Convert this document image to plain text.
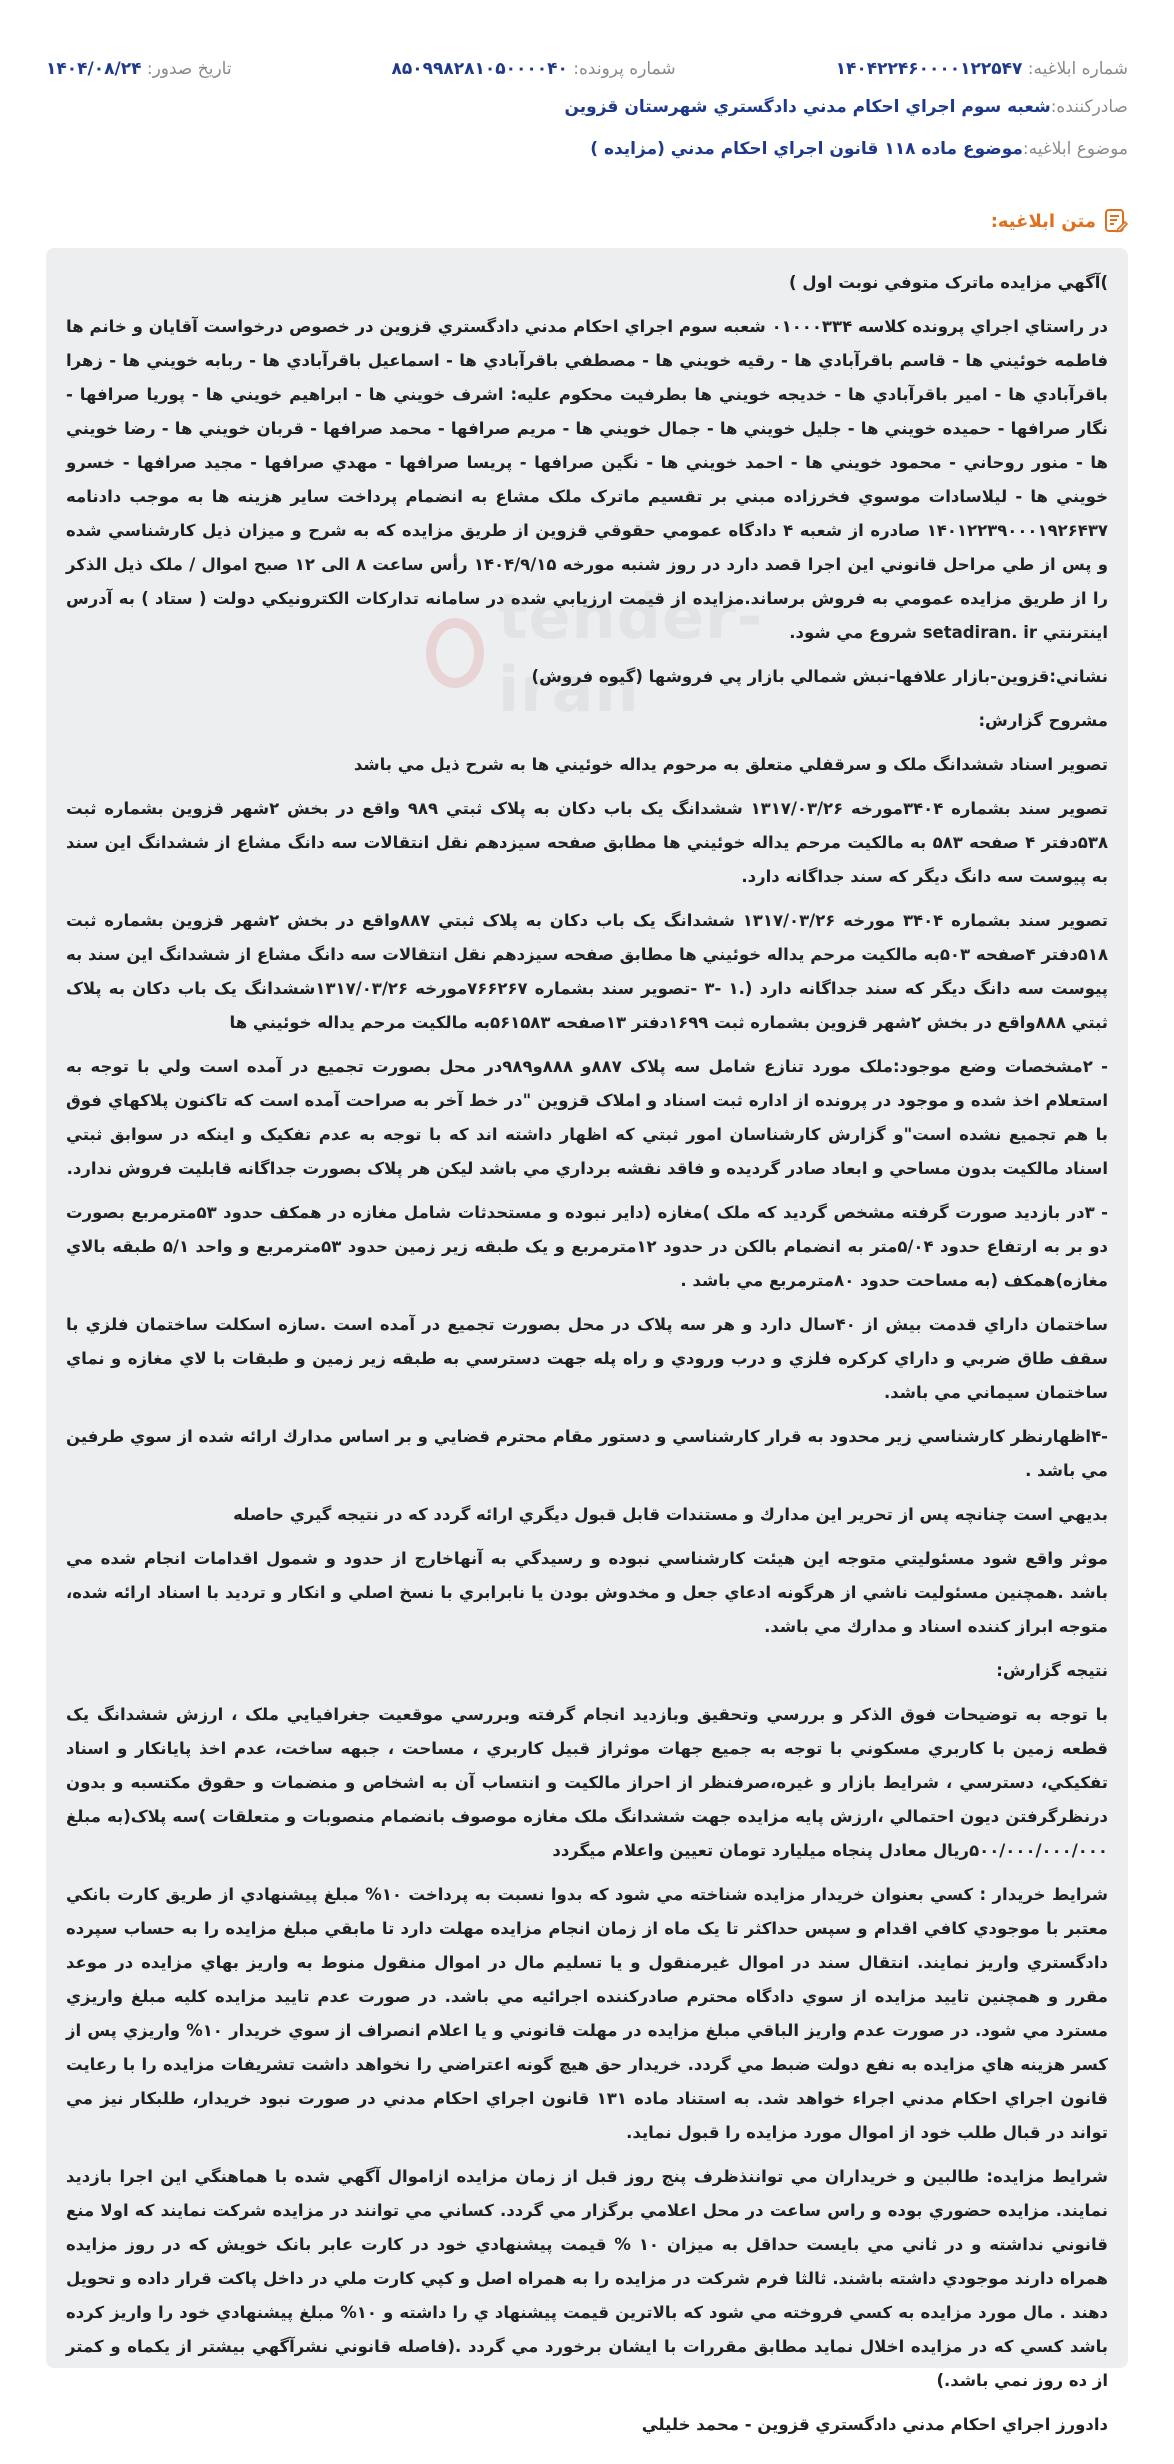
شماره ابلاغيه: ۱۴۰۴۲۲۴۶۰۰۰۰۱۲۲۵۴۷
شماره پرونده: ۸۵۰۹۹۸۲۸۱۰۵۰۰۰۰۴۰
تاريخ صدور: ۱۴۰۴/۰۸/۲۴
صادرکننده:
شعبه سوم اجراي احكام مدني دادگستري شهرستان قزوين
موضوع ابلاغيه:
موضوع ماده ۱۱۸ قانون اجراي احكام مدني (مزايده )
متن ابلاغيه:
tender-iran

)آگهي مزايده ماترک متوفي نوبت اول )

در راستاي اجراي پرونده کلاسه ۰۱۰۰۰۳۳۴ شعبه سوم اجراي احکام مدني دادگستري قزوين در خصوص درخواست آقايان و خانم ها فاطمه خوئيني ها - قاسم باقرآبادي ها - رقيه خويني ها - مصطفي باقرآبادي ها - اسماعيل باقرآبادي ها - ربابه خويني ها - زهرا باقرآبادي ها - امير باقرآبادي ها - خديجه خويني ها بطرفيت محکوم عليه: اشرف خويني ها - ابراهيم خويني ها - پوريا صرافها - نگار صرافها - حميده خويني ها - جليل خويني ها - جمال خويني ها - مريم صرافها - محمد صرافها - قربان خويني ها - رضا خويني ها - منور روحاني - محمود خويني ها - احمد خويني ها - نگين صرافها - پريسا صرافها - مهدي صرافها - مجيد صرافها - خسرو خويني ها - ليلاسادات موسوي فخرزاده مبني بر تقسيم ماترک ملک مشاع به انضمام پرداخت ساير هزينه ها به موجب دادنامه ۱۴۰۱۲۲۳۹۰۰۰۱۹۲۶۴۳۷ صادره از شعبه ۴ دادگاه عمومي حقوقي قزوين از طريق مزايده که به شرح و ميزان ذيل کارشناسي شده و پس از طي مراحل قانوني اين اجرا قصد دارد در روز شنبه مورخه ۱۴۰۴/۹/۱۵ رأس ساعت ۸ الی ۱۲ صبح اموال / ملک ذيل الذکر را از طريق مزايده عمومي به فروش برساند.مزايده از قيمت ارزيابي شده در سامانه تدارکات الکترونيکي دولت ( ستاد ) به آدرس اينترنتي setadiran. ir شروع مي شود.

نشاني:قزوين-بازار علافها-نبش شمالي بازار پي فروشها (گيوه فروش)

مشروح گزارش:

تصوير اسناد ششدانگ ملک و سرقفلي متعلق به مرحوم يداله خوئيني ها به شرح ذيل مي باشد

تصوير سند بشماره ۳۴۰۴مورخه ۱۳۱۷/۰۳/۲۶ ششدانگ يک باب دکان به پلاک ثبتي ۹۸۹ واقع در بخش ۲شهر قزوين بشماره ثبت ۵۳۸دفتر ۴ صفحه ۵۸۳ به مالکيت مرحم يداله خوئيني ها مطابق صفحه سيزدهم نقل انتقالات سه دانگ مشاع از ششدانگ اين سند به پيوست سه دانگ ديگر که سند جداگانه دارد.

تصوير سند بشماره ۳۴۰۴ مورخه ۱۳۱۷/۰۳/۲۶ ششدانگ يک باب دکان به پلاک ثبتي ۸۸۷واقع در بخش ۲شهر قزوين بشماره ثبت ۵۱۸دفتر ۴صفحه ۵۰۳به مالکيت مرحم يداله خوئيني ها مطابق صفحه سيزدهم نقل انتقالات سه دانگ مشاع از ششدانگ اين سند به پيوست سه دانگ ديگر که سند جداگانه دارد (.۱ -۳ -تصوير سند بشماره ۷۶۶۲۶۷مورخه ۱۳۱۷/۰۳/۲۶ششدانگ يک باب دکان به پلاک ثبتي ۸۸۸واقع در بخش ۲شهر قزوين بشماره ثبت ۱۶۹۹دفتر ۱۳صفحه ۵۶۱۵۸۳به مالکيت مرحم يداله خوئيني ها

- ۲مشخصات وضع موجود:ملک مورد تنازع شامل سه پلاک ۸۸۷و ۸۸۸و۹۸۹در محل بصورت تجميع در آمده است ولي با توجه به استعلام اخذ شده و موجود در پرونده از اداره ثبت اسناد و املاک قزوين "در خط آخر به صراحت آمده است که تاکنون پلاکهاي فوق با هم تجميع نشده است"و گزارش کارشناسان امور ثبتي که اظهار داشته اند که با توجه به عدم تفکيک و اينکه در سوابق ثبتي اسناد مالکيت بدون مساحي و ابعاد صادر گرديده و فاقد نقشه برداري مي باشد ليکن هر پلاک بصورت جداگانه قابليت فروش ندارد.

- ۳در بازديد صورت گرفته مشخص گرديد که ملک )مغازه (داير نبوده و مستحدثات شامل مغازه در همکف حدود ۵۳مترمربع بصورت دو بر به ارتفاع حدود ۵/۰۴متر به انضمام بالکن در حدود ۱۲مترمربع و يک طبقه زير زمين حدود ۵۳مترمربع و واحد ۵/۱ طبقه بالاي مغازه)همکف (به مساحت حدود ۸۰مترمربع مي باشد .

ساختمان داراي قدمت بيش از ۴۰سال دارد و هر سه پلاک در محل بصورت تجميع در آمده است .سازه اسکلت ساختمان فلزي با سقف طاق ضربي و داراي کرکره فلزي و درب ورودي و راه پله جهت دسترسي به طبقه زير زمين و طبقات با لاي مغازه و نماي ساختمان سيماني مي باشد.

-۴اظهارنظر کارشناسي زير محدود به قرار کارشناسي و دستور مقام محترم قضايي و بر اساس مدارك ارائه شده از سوي طرفين مي باشد .

بديهي است چنانچه پس از تحرير اين مدارك و مستندات قابل قبول ديگري ارائه گردد كه در نتيجه گيري حاصله

موثر واقع شود مسئوليتي متوجه اين هيئت كارشناسي نبوده و رسيدگي به آنهاخارج از حدود و شمول اقدامات انجام شده مي باشد .همچنين مسئوليت ناشي از هرگونه ادعاي جعل و مخدوش بودن يا نابرابري با نسخ اصلي و انكار و ترديد با اسناد ارائه شده، متوجه ابراز كننده اسناد و مدارك مي باشد.

نتيجه گزارش:

با توجه به توضيحات فوق الذکر و بررسي وتحقيق وبازديد انجام گرفته وبررسي موقعيت جغرافيايي ملک ، ارزش ششدانگ يک قطعه زمين با کاربري مسکوني با توجه به جميع جهات موثراز قبيل کاربري ، مساحت ، جبهه ساخت، عدم اخذ پايانکار و اسناد تفکيکي، دسترسي ، شرايط بازار و غيره،صرفنظر از احراز مالکيت و انتساب آن به اشخاص و منضمات و حقوق مکتسبه و بدون درنظرگرفتن ديون احتمالي ،ارزش پايه مزايده جهت ششدانگ ملک مغازه موصوف بانضمام منصوبات و متعلقات )سه پلاک(به مبلغ ۵۰۰/۰۰۰/۰۰۰/۰۰۰ريال معادل پنجاه ميليارد تومان تعيين واعلام ميگردد

شرايط خريدار : کسي بعنوان خريدار مزايده شناخته مي شود که بدوا نسبت به پرداخت ۱۰% مبلغ پيشنهادي از طريق کارت بانکي معتبر با موجودي کافي اقدام و سپس حداکثر تا يک ماه از زمان انجام مزايده مهلت دارد تا مابقي مبلغ مزايده را به حساب سپرده دادگستري واريز نمايند. انتقال سند در اموال غيرمنقول و يا تسليم مال در اموال منقول منوط به واريز بهاي مزايده در موعد مقرر و همچنين تاييد مزايده از سوي دادگاه محترم صادرکننده اجرائيه مي باشد. در صورت عدم تاييد مزايده کليه مبلغ واريزي مسترد مي شود. در صورت عدم واريز الباقي مبلغ مزايده در مهلت قانوني و يا اعلام انصراف از سوي خريدار ۱۰% واريزي پس از کسر هزينه هاي مزايده به نفع دولت ضبط مي گردد. خريدار حق هيچ گونه اعتراضي را نخواهد داشت تشريفات مزايده را با رعايت قانون اجراي احکام مدني اجراء خواهد شد. به استناد ماده ۱۳۱ قانون اجراي احکام مدني در صورت نبود خريدار، طلبکار نيز مي تواند در قبال طلب خود از اموال مورد مزايده را قبول نمايد.

شرايط مزايده: طالبين و خريداران مي تواننذظرف پنج روز قبل از زمان مزايده ازاموال آگهي شده با هماهنگي اين اجرا بازديد نمايند. مزايده حضوري بوده و راس ساعت در محل اعلامي برگزار مي گردد. کساني مي توانند در مزايده شرکت نمايند که اولا منع قانوني نداشته و در ثاني مي بايست حداقل به ميزان ۱۰ % قيمت پيشنهادي خود در کارت عابر بانک خويش که در روز مزايده همراه دارند موجودي داشته باشند. ثالثا فرم شرکت در مزايده را به همراه اصل و کپي کارت ملي در داخل پاکت قرار داده و تحويل دهند . مال مورد مزايده به کسي فروخته مي شود که بالاترين قيمت پيشنهاد ي را داشته و ۱۰% مبلغ پيشنهادي خود را واريز کرده باشد کسي که در مزايده اخلال نمايد مطابق مقررات با ايشان برخورد مي گردد .(فاصله قانوني نشرآگهي بيشتر از يکماه و کمتر از ده روز نمي باشد.)

دادورز اجراي احکام مدني دادگستري قزوين - محمد خليلي
